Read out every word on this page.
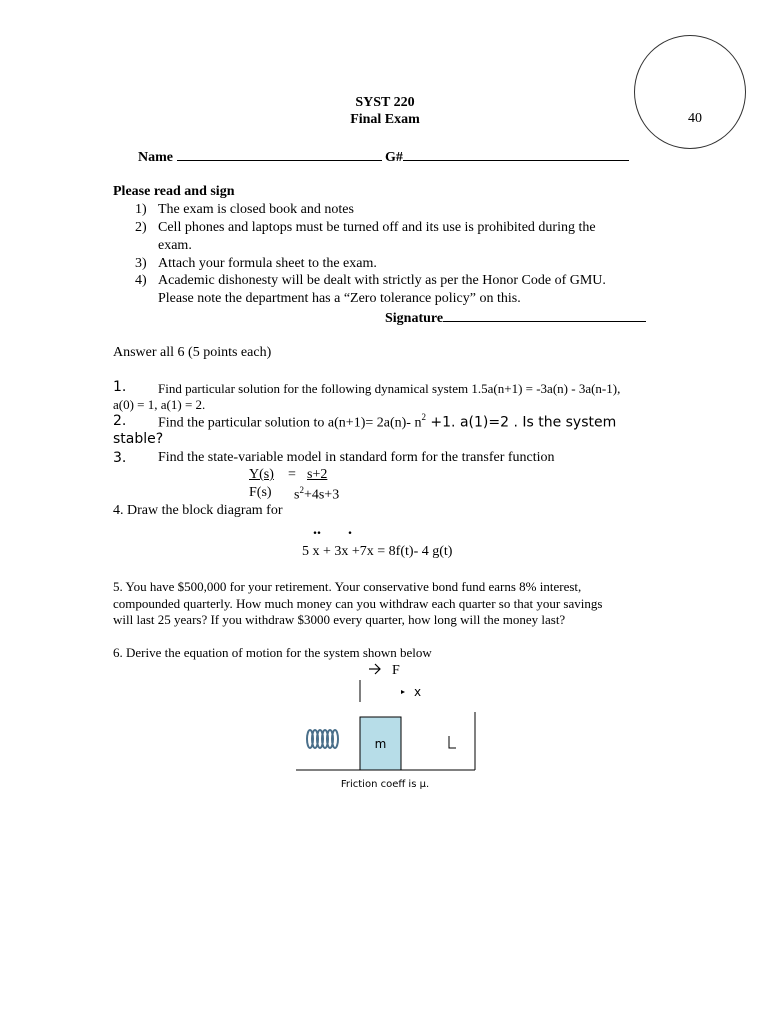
40
SYST 220
Final Exam
Name	G#
Please read and sign
1) The exam is closed book and notes
2) Cell phones and laptops must be turned off and its use is prohibited during the
exam.
3) Attach your formula sheet to the exam.
4) Academic dishonesty will be dealt with strictly as per the Honor Code of GMU.
Please note the department has a “Zero tolerance policy” on this.
Signature
Answer all 6 (5 points each)
1. Find particular solution for the following dynamical system 1.5a(n+1) = -3a(n) - 3a(n-1),
a(0) = 1, a(1) = 2.
2. Find the particular solution to a(n+1)= 2a(n)- $n^2 +1$. a(1)=2 . Is the system
stable?
3. Find the state-variable model in standard form for the transfer function
Y(s) = s+2
F(s) $s^2+4s+3$
4. Draw the block diagram for
.. .
5 x + 3x +7x = 8f(t)- 4 g(t)
5. You have $500,000 for your retirement. Your conservative bond fund earns 8% interest,
compounded quarterly. How much money can you withdraw each quarter so that your savings
will last 25 years? If you withdraw $3000 every quarter, how long will the money last?
6. Derive the equation of motion for the system shown below
F
x
m
Friction coeff is μ.
